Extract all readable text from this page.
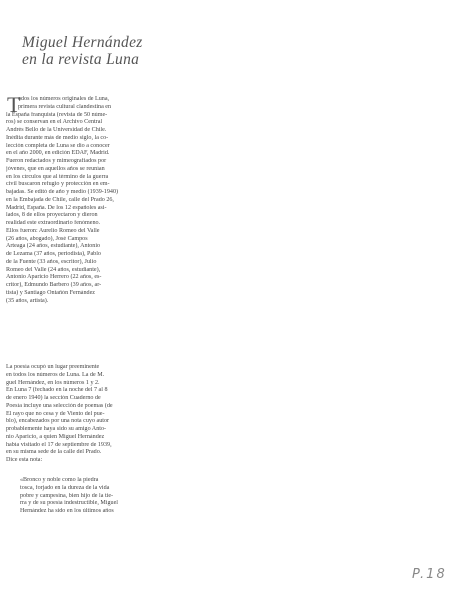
Miguel Hernández
en la revista Luna
T
odos los números originales de Luna,
primera revista cultural clandestina en
la España franquista (revista de 50 núme-
ros) se conservan en el Archivo Central
Andrés Bello de la Universidad de Chile.
Inédita durante más de medio siglo, la co-
lección completa de Luna se dio a conocer
en el año 2000, en edición EDAF, Madrid.
Fueron redactados y mimeografiados por
jóvenes, que en aquellos años se reunían
en los círculos que al término de la guerra
civil buscaron refugio y protección en em-
bajadas. Se editó de año y medio (1939-1940)
en la Embajada de Chile, calle del Prado 26,
Madrid, España. De los 12 españoles asi-
lados, 8 de ellos proyectaron y dieron
realidad este extraordinario fenómeno.
Ellos fueron: Aurelio Romeo del Valle
(26 años, abogado), José Campos
Arteaga (24 años, estudiante), Antonio
de Lezama (37 años, periodista), Pablo
de la Fuente (33 años, escritor), Julio
Romeo del Valle (24 años, estudiante),
Antonio Aparicio Herrero (22 años, es-
critor), Edmundo Barbero (39 años, ar-
tista) y Santiago Ontañón Fernández
(35 años, artista).
La poesía ocupó un lugar preeminente
en todos los números de Luna. La de M.
guel Hernández, en los números 1 y 2.
En Luna 7 (fechado en la noche del 7 al 8
de enero 1940) la sección Cuaderno de
Poesía incluye una selección de poemas (de
El rayo que no cesa y de Viento del pue-
blo), encabezados por una nota cuyo autor
probablemente haya sido su amigo Anto-
nio Aparicio, a quien Miguel Hernández
había visitado el 17 de septiembre de 1939,
en su misma sede de la calle del Prado.
Dice esta nota:
«Bronco y noble como la piedra
tosca, forjado en la dureza de la vida
pobre y campesina, bien hijo de la tie-
rra y de su poesía indestructible, Miguel
Hernández ha sido en los últimos años
P.18
